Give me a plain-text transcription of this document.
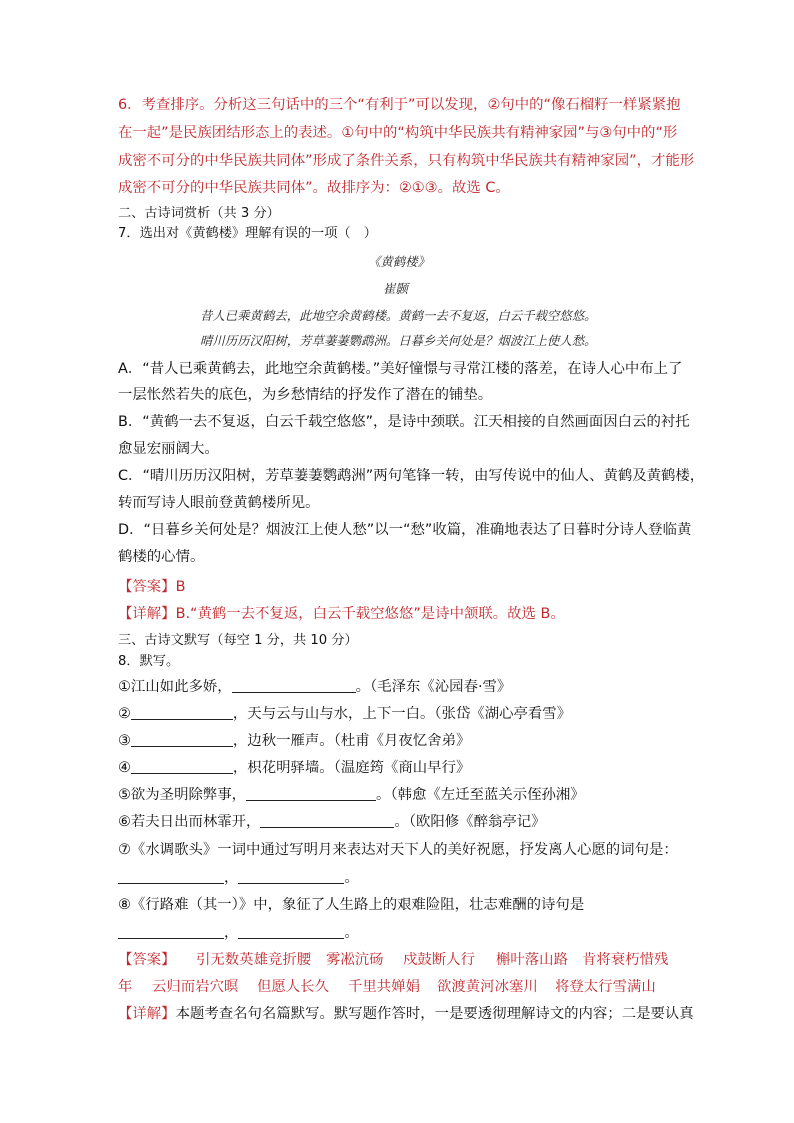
6．考查排序。分析这三句话中的三个“有利于”可以发现，②句中的“像石榴籽一样紧紧抱
在一起”是民族团结形态上的表述。①句中的“构筑中华民族共有精神家园”与③句中的“形
成密不可分的中华民族共同体”形成了条件关系，只有构筑中华民族共有精神家园”，才能形
成密不可分的中华民族共同体”。故排序为：②①③。故选 C。
二、古诗词赏析（共 3 分）
7．选出对《黄鹤楼》理解有误的一项（　）
《黄鹤楼》
崔颢
昔人已乘黄鹤去，此地空余黄鹤楼。黄鹤一去不复返，白云千载空悠悠。
晴川历历汉阳树，芳草萋萋鹦鹉洲。日暮乡关何处是？烟波江上使人愁。
A．“昔人已乘黄鹤去，此地空余黄鹤楼。”美好憧憬与寻常江楼的落差，在诗人心中布上了
一层怅然若失的底色，为乡愁情结的抒发作了潜在的铺垫。
B．“黄鹤一去不复返，白云千载空悠悠”，是诗中颈联。江天相接的自然画面因白云的衬托
愈显宏丽阔大。
C．“晴川历历汉阳树，芳草萋萋鹦鹉洲”两句笔锋一转，由写传说中的仙人、黄鹤及黄鹤楼，
转而写诗人眼前登黄鹤楼所见。
D．“日暮乡关何处是？烟波江上使人愁”以一“愁”收篇，准确地表达了日暮时分诗人登临黄
鹤楼的心情。
【答案】B
【详解】B.“黄鹤一去不复返，白云千载空悠悠”是诗中颔联。故选 B。
三、古诗文默写（每空 1 分，共 10 分）
8．默写。
①江山如此多娇，	。（毛泽东《沁园春·雪》
②	，天与云与山与水，上下一白。（张岱《湖心亭看雪》
③	，边秋一雁声。（杜甫《月夜忆舍弟》
④	，枳花明驿墙。（温庭筠《商山早行》
⑤欲为圣明除弊事，	。（韩愈《左迁至蓝关示侄孙湘》
⑥若夫日出而林霏开，	。（欧阳修《醉翁亭记》
⑦《水调歌头》一词中通过写明月来表达对天下人的美好祝愿，抒发离人心愿的词句是：
，	。
⑧《行路难（其一）》中，象征了人生路上的艰难险阻，壮志难酬的诗句是
，	。
【答案】 引无数英雄竞折腰 雾凇沆砀 戍鼓断人行 槲叶落山路 肯将衰朽惜残
年 云归而岩穴暝 但愿人长久 千里共婵娟 欲渡黄河冰塞川 将登太行雪满山
【详解】本题考查名句名篇默写。默写题作答时，一是要透彻理解诗文的内容；二是要认真
